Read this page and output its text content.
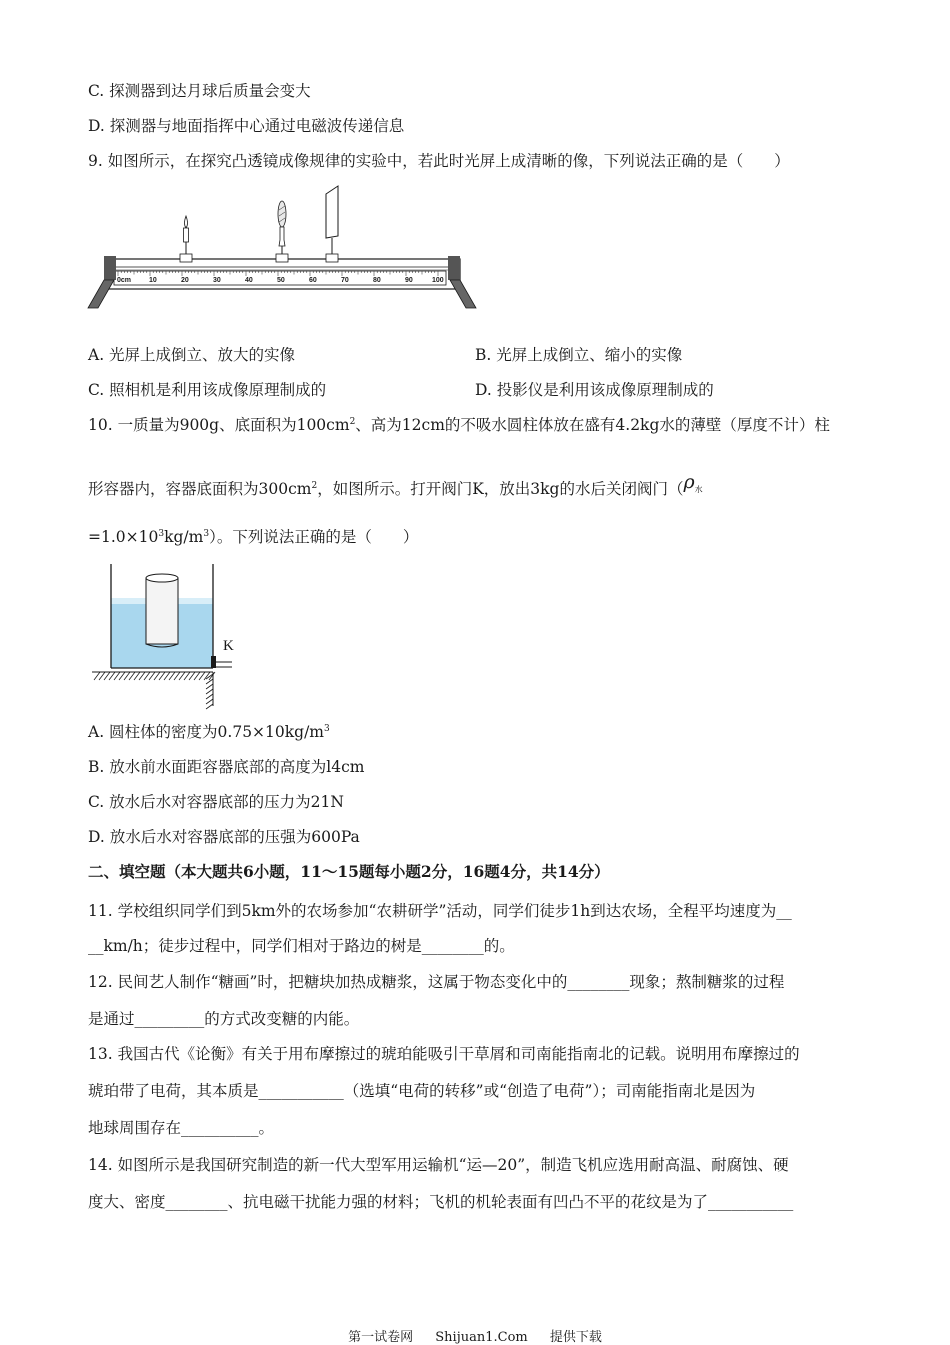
C. 探测器到达月球后质量会变大
D. 探测器与地面指挥中心通过电磁波传递信息
9. 如图所示，在探究凸透镜成像规律的实验中，若此时光屏上成清晰的像，下列说法正确的是（　　）
0cm	10	20	30	40	50	60	70	80	90	100
A. 光屏上成倒立、放大的实像	B. 光屏上成倒立、缩小的实像
C. 照相机是利用该成像原理制成的	D. 投影仪是利用该成像原理制成的
10. 一质量为900g、底面积为$100cm^2$、高为12cm的不吸水圆柱体放在盛有4.2kg水的薄壁（厚度不计）柱
形容器内，容器底面积为$300cm^2$，如图所示。打开阀门K，放出3kg的水后关闭阀门（ρ水
$=1.0\times 10^3kg/m^3$）。下列说法正确的是（　　）
K
A. 圆柱体的密度为$0.75\times 10kg/m^3$
B. 放水前水面距容器底部的高度为l4cm
C. 放水后水对容器底部的压力为21N
D. 放水后水对容器底部的压强为600Pa
二、填空题（本大题共6小题，11～15题每小题2分，16题4分，共14分）
11. 学校组织同学们到5km外的农场参加“农耕研学”活动，同学们徒步1h到达农场，全程平均速度为__
__km/h；徒步过程中，同学们相对于路边的树是________的。
12. 民间艺人制作“糖画”时，把糖块加热成糖浆，这属于物态变化中的________现象；熬制糖浆的过程
是通过_________的方式改变糖的内能。
13. 我国古代《论衡》有关于用布摩擦过的琥珀能吸引干草屑和司南能指南北的记载。说明用布摩擦过的
琥珀带了电荷，其本质是___________（选填“电荷的转移”或“创造了电荷”）；司南能指南北是因为
地球周围存在__________。
14. 如图所示是我国研究制造的新一代大型军用运输机“运—20”，制造飞机应选用耐高温、耐腐蚀、硬
度大、密度________、抗电磁干扰能力强的材料；飞机的机轮表面有凹凸不平的花纹是为了___________
第一试卷网 Shijuan1.Com 提供下载
